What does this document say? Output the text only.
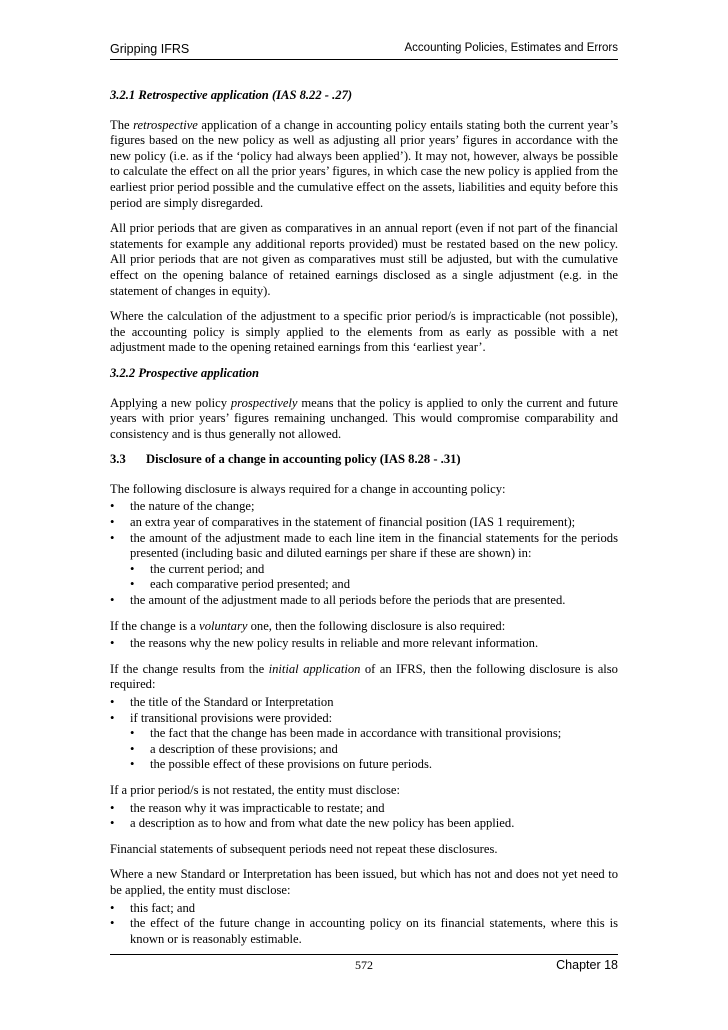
Gripping IFRS	Accounting Policies, Estimates and Errors
3.2.1 Retrospective application (IAS 8.22 - .27)

The retrospective application of a change in accounting policy entails stating both the current year’s figures based on the new policy as well as adjusting all prior years’ figures in accordance with the new policy (i.e. as if the ‘policy had always been applied’). It may not, however, always be possible to calculate the effect on all the prior years’ figures, in which case the new policy is applied from the earliest prior period possible and the cumulative effect on the assets, liabilities and equity before this period are simply disregarded.

All prior periods that are given as comparatives in an annual report (even if not part of the financial statements for example any additional reports provided) must be restated based on the new policy. All prior periods that are not given as comparatives must still be adjusted, but with the cumulative effect on the opening balance of retained earnings disclosed as a single adjustment (e.g. in the statement of changes in equity).

Where the calculation of the adjustment to a specific prior period/s is impracticable (not possible), the accounting policy is simply applied to the elements from as early as possible with a net adjustment made to the opening retained earnings from this ‘earliest year’.

3.2.2 Prospective application

Applying a new policy prospectively means that the policy is applied to only the current and future years with prior years’ figures remaining unchanged. This would compromise comparability and consistency and is thus generally not allowed.

3.3 Disclosure of a change in accounting policy (IAS 8.28 - .31)

The following disclosure is always required for a change in accounting policy:

• the nature of the change;
• an extra year of comparatives in the statement of financial position (IAS 1 requirement);
• the amount of the adjustment made to each line item in the financial statements for the periods presented (including basic and diluted earnings per share if these are shown) in:
• the current period; and
• each comparative period presented; and
• the amount of the adjustment made to all periods before the periods that are presented.

If the change is a voluntary one, then the following disclosure is also required:

• the reasons why the new policy results in reliable and more relevant information.

If the change results from the initial application of an IFRS, then the following disclosure is also required:

• the title of the Standard or Interpretation
• if transitional provisions were provided:
• the fact that the change has been made in accordance with transitional provisions;
• a description of these provisions; and
• the possible effect of these provisions on future periods.

If a prior period/s is not restated, the entity must disclose:

• the reason why it was impracticable to restate; and
• a description as to how and from what date the new policy has been applied.

Financial statements of subsequent periods need not repeat these disclosures.

Where a new Standard or Interpretation has been issued, but which has not and does not yet need to be applied, the entity must disclose:

• this fact; and
• the effect of the future change in accounting policy on its financial statements, where this is known or is reasonably estimable.
572	Chapter 18
